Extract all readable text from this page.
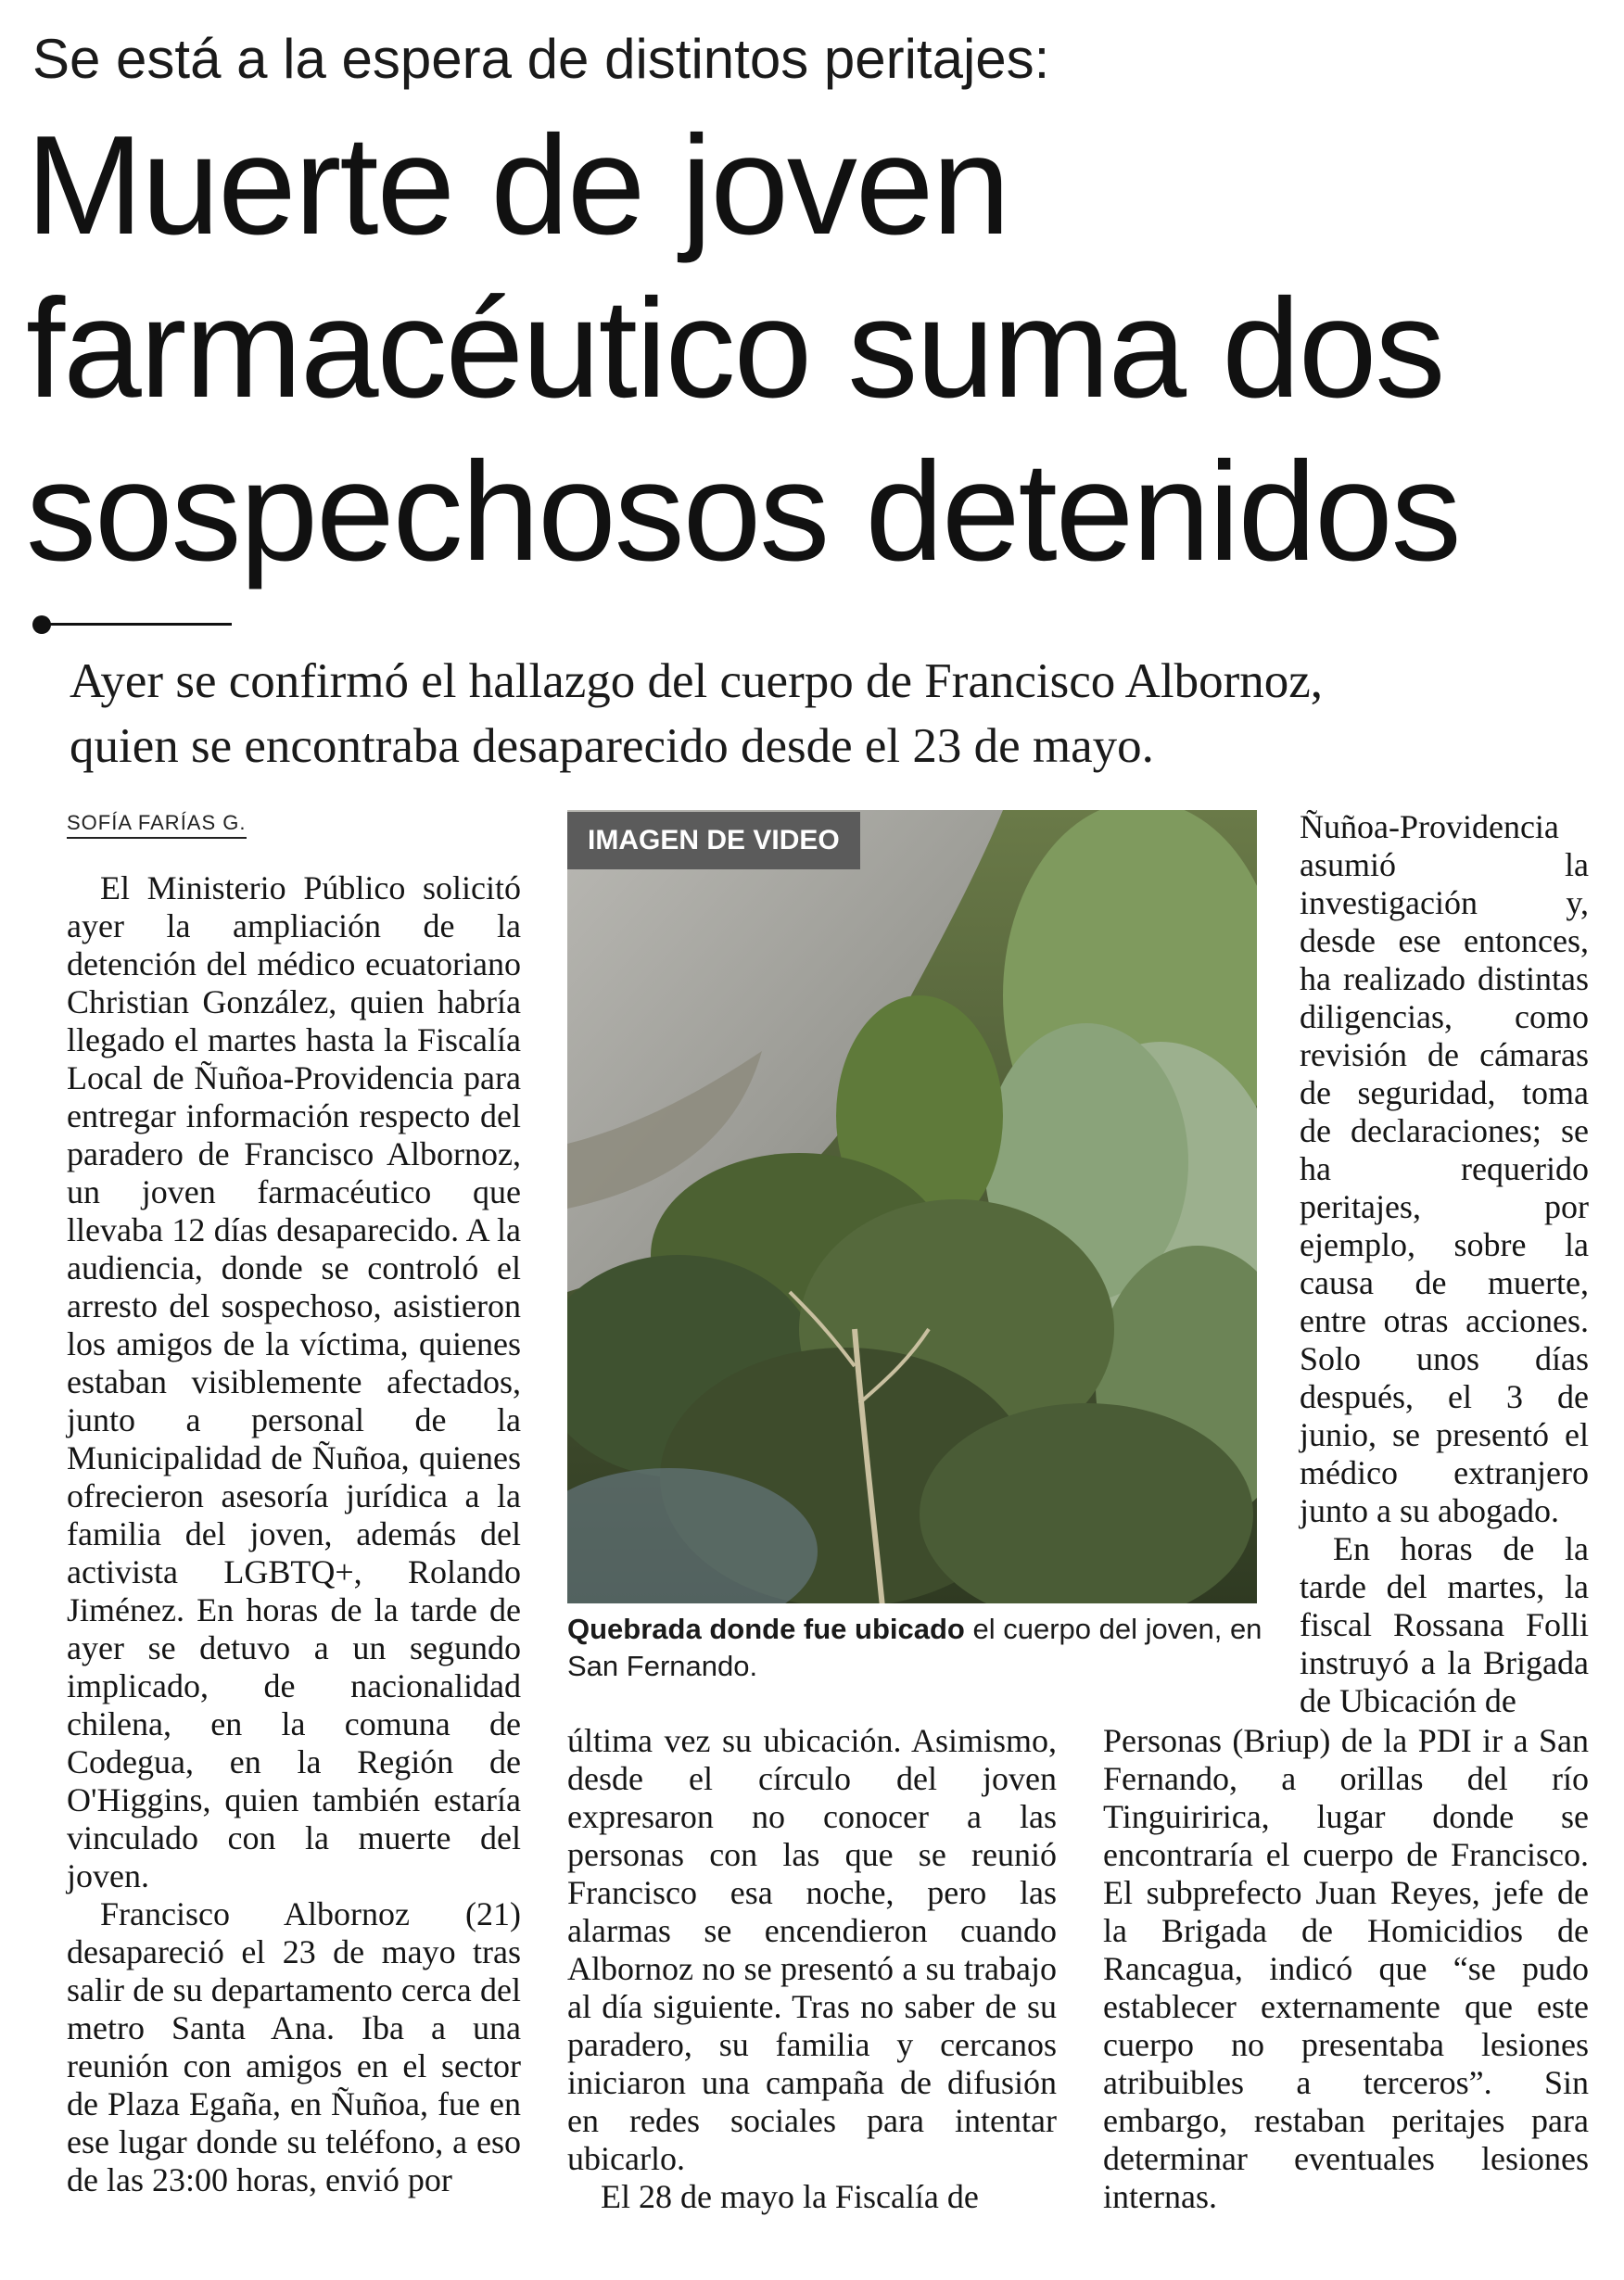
Se está a la espera de distintos peritajes:
Muerte de joven
farmacéutico suma dos
sospechosos detenidos
Ayer se confirmó el hallazgo del cuerpo de Francisco Albornoz,
quien se encontraba desaparecido desde el 23 de mayo.
SOFÍA FARÍAS G.

El Ministerio Público solicitó ayer la ampliación de la detención del médico ecuatoriano Christian González, quien habría llegado el martes hasta la Fiscalía Local de Ñuñoa-Providencia para entregar información respecto del paradero de Francisco Albornoz, un joven farmacéutico que llevaba 12 días desaparecido. A la audiencia, donde se controló el arresto del sospechoso, asistieron los amigos de la víctima, quienes estaban visiblemente afectados, junto a personal de la Municipalidad de Ñuñoa, quienes ofrecieron asesoría jurídica a la familia del joven, además del activista LGBTQ+, Rolando Jiménez. En horas de la tarde de ayer se detuvo a un segundo implicado, de nacionalidad chilena, en la comuna de Codegua, en la Región de O'Higgins, quien también estaría vinculado con la muerte del joven.

Francisco Albornoz (21) desapareció el 23 de mayo tras salir de su departamento cerca del metro Santa Ana. Iba a una reunión con amigos en el sector de Plaza Egaña, en Ñuñoa, fue en ese lugar donde su teléfono, a eso de las 23:00 horas, envió por

IMAGEN DE VIDEO
Quebrada donde fue ubicado el cuerpo del joven, en San Fernando.

última vez su ubicación. Asimismo, desde el círculo del joven expresaron no conocer a las personas con las que se reunió Francisco esa noche, pero las alarmas se encendieron cuando Albornoz no se presentó a su trabajo al día siguiente. Tras no saber de su paradero, su familia y cercanos iniciaron una campaña de difusión en redes sociales para intentar ubicarlo.

El 28 de mayo la Fiscalía de

Ñuñoa-Providencia asumió la investigación y, desde ese entonces, ha realizado distintas diligencias, como revisión de cámaras de seguridad, toma de declaraciones; se ha requerido peritajes, por ejemplo, sobre la causa de muerte, entre otras acciones. Solo unos días después, el 3 de junio, se presentó el médico extranjero junto a su abogado.

En horas de la tarde del martes, la fiscal Rossana Folli instruyó a la Brigada de Ubicación de

Personas (Briup) de la PDI ir a San Fernando, a orillas del río Tinguiririca, lugar donde se encontraría el cuerpo de Francisco. El subprefecto Juan Reyes, jefe de la Brigada de Homicidios de Rancagua, indicó que “se pudo establecer externamente que este cuerpo no presentaba lesiones atribuibles a terceros”. Sin embargo, restaban peritajes para determinar eventuales lesiones internas.
